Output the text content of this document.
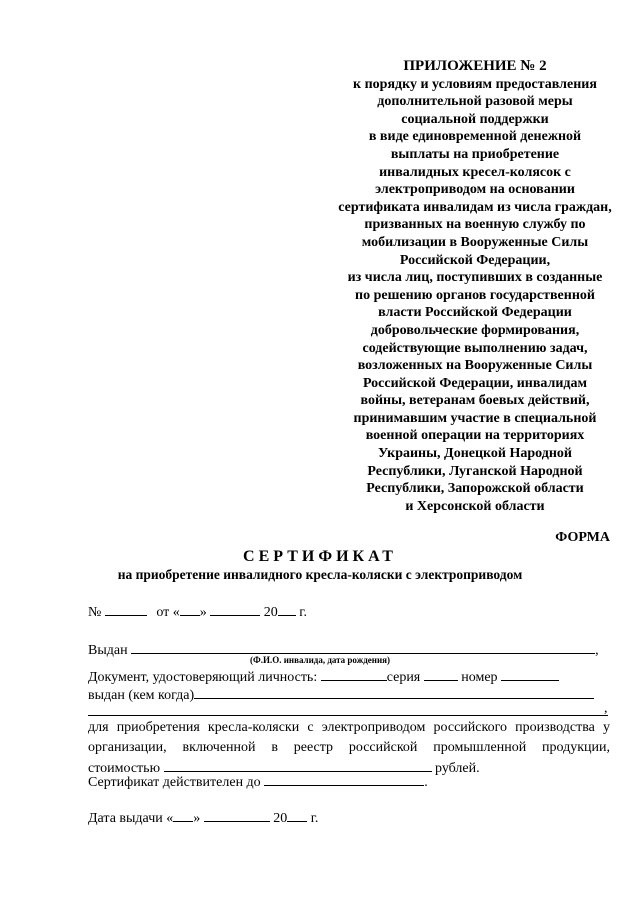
ПРИЛОЖЕНИЕ № 2
к порядку и условиям предоставления
дополнительной разовой меры
социальной поддержки
в виде единовременной денежной
выплаты на приобретение
инвалидных кресел-колясок с
электроприводом на основании
сертификата инвалидам из числа граждан,
призванных на военную службу по
мобилизации в Вооруженные Силы
Российской Федерации,
из числа лиц, поступивших в созданные
по решению органов государственной
власти Российской Федерации
добровольческие формирования,
содействующие выполнению задач,
возложенных на Вооруженные Силы
Российской Федерации, инвалидам
войны, ветеранам боевых действий,
принимавшим участие в специальной
военной операции на территориях
Украины, Донецкой Народной
Республики, Луганской Народной
Республики, Запорожской области
и Херсонской области
ФОРМА
СЕРТИФИКАТ
на приобретение инвалидного кресла-коляски с электроприводом
№	от « »	20 г.
Выдан	,
(Ф.И.О. инвалида, дата рождения)
Документ, удостоверяющий личность:	серия	номер
выдан (кем когда)
,
для приобретения кресла-коляски с электроприводом российского производства у организации, включенной в реестр российской промышленной продукции, стоимостью	рублей.
Сертификат действителен до	.
Дата выдачи « »	20 г.
